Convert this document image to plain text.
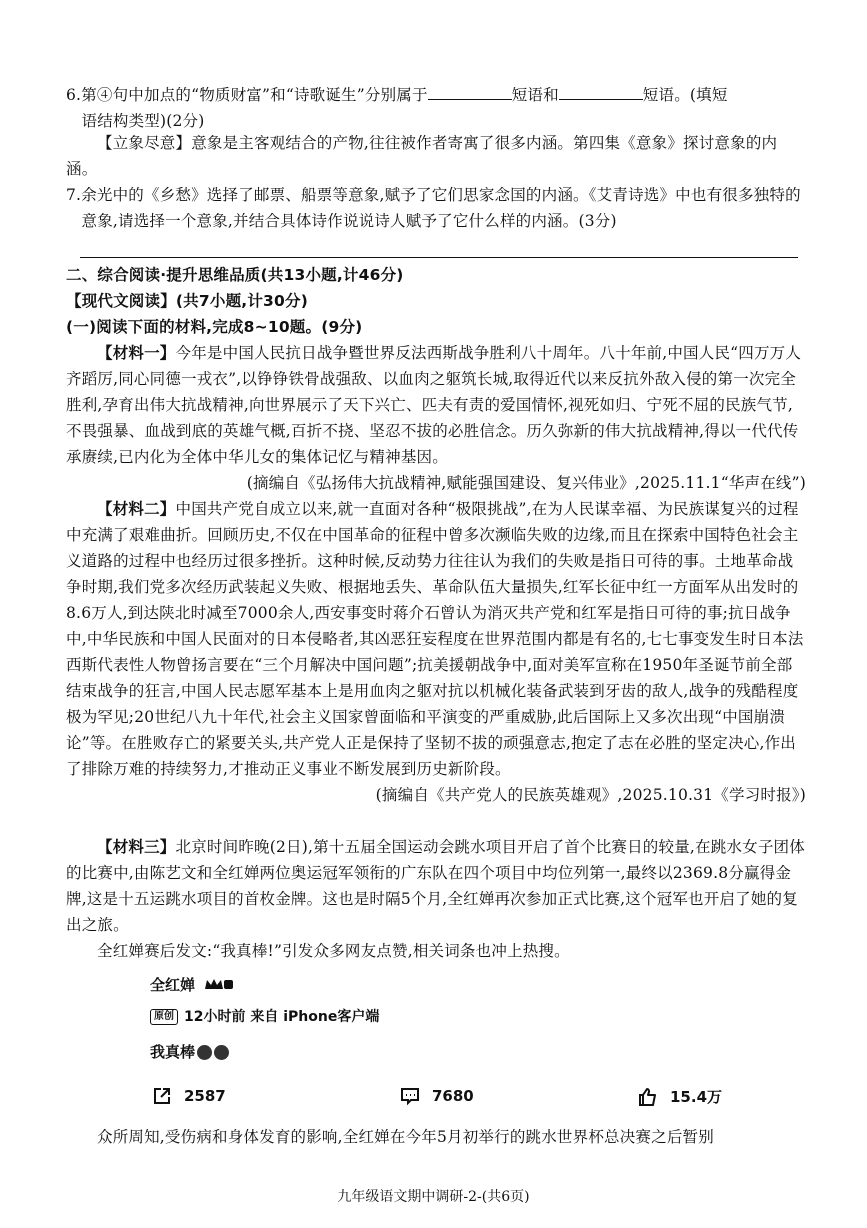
6.第④句中加点的“物质财富”和“诗歌诞生”分别属于	短语和	短语。(填短
语结构类型)(2分)

【立象尽意】意象是主客观结合的产物,往往被作者寄寓了很多内涵。第四集《意象》探讨意象的内涵。

7.余光中的《乡愁》选择了邮票、船票等意象,赋予了它们思家念国的内涵。《艾青诗选》中也有很多独特的意象,请选择一个意象,并结合具体诗作说说诗人赋予了它什么样的内涵。(3分)

二、综合阅读·提升思维品质(共13小题,计46分)

【现代文阅读】(共7小题,计30分)

(一)阅读下面的材料,完成8~10题。(9分)

【材料一】今年是中国人民抗日战争暨世界反法西斯战争胜利八十周年。八十年前,中国人民“四万万人齐蹈厉,同心同德一戎衣”,以铮铮铁骨战强敌、以血肉之躯筑长城,取得近代以来反抗外敌入侵的第一次完全胜利,孕育出伟大抗战精神,向世界展示了天下兴亡、匹夫有责的爱国情怀,视死如归、宁死不屈的民族气节,不畏强暴、血战到底的英雄气概,百折不挠、坚忍不拔的必胜信念。历久弥新的伟大抗战精神,得以一代代传承赓续,已内化为全体中华儿女的集体记忆与精神基因。

(摘编自《弘扬伟大抗战精神,赋能强国建设、复兴伟业》,2025.11.1“华声在线”)

【材料二】中国共产党自成立以来,就一直面对各种“极限挑战”,在为人民谋幸福、为民族谋复兴的过程中充满了艰难曲折。回顾历史,不仅在中国革命的征程中曾多次濒临失败的边缘,而且在探索中国特色社会主义道路的过程中也经历过很多挫折。这种时候,反动势力往往认为我们的失败是指日可待的事。土地革命战争时期,我们党多次经历武装起义失败、根据地丢失、革命队伍大量损失,红军长征中红一方面军从出发时的8.6万人,到达陕北时减至7000余人,西安事变时蒋介石曾认为消灭共产党和红军是指日可待的事;抗日战争中,中华民族和中国人民面对的日本侵略者,其凶恶狂妄程度在世界范围内都是有名的,七七事变发生时日本法西斯代表性人物曾扬言要在“三个月解决中国问题”;抗美援朝战争中,面对美军宣称在1950年圣诞节前全部结束战争的狂言,中国人民志愿军基本上是用血肉之躯对抗以机械化装备武装到牙齿的敌人,战争的残酷程度极为罕见;20世纪八九十年代,社会主义国家曾面临和平演变的严重威胁,此后国际上又多次出现“中国崩溃论”等。在胜败存亡的紧要关头,共产党人正是保持了坚韧不拔的顽强意志,抱定了志在必胜的坚定决心,作出了排除万难的持续努力,才推动正义事业不断发展到历史新阶段。

(摘编自《共产党人的民族英雄观》,2025.10.31《学习时报》)

【材料三】北京时间昨晚(2日),第十五届全国运动会跳水项目开启了首个比赛日的较量,在跳水女子团体的比赛中,由陈艺文和全红婵两位奥运冠军领衔的广东队在四个项目中均位列第一,最终以2369.8分赢得金牌,这是十五运跳水项目的首枚金牌。这也是时隔5个月,全红婵再次参加正式比赛,这个冠军也开启了她的复出之旅。

全红婵赛后发文:“我真棒!”引发众多网友点赞,相关词条也冲上热搜。

全红婵
原创 12小时前 来自 iPhone客户端
我真棒
2587	7680	15.4万

众所周知,受伤病和身体发育的影响,全红婵在今年5月初举行的跳水世界杯总决赛之后暂别

九年级语文期中调研-2-(共6页)
